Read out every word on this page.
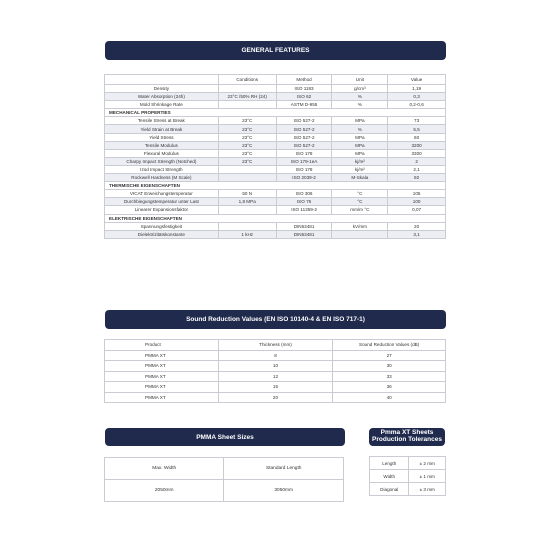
GENERAL FEATURES
	Conditions	Method	Unit	Value
Density		ISO 1183	g/cm³	1,19
Water Absorption (24h)	23°C /50% RH (24)	ISO 62	%	0,3
Mold Shrinkage Rate		ASTM D-955	%	0,2-0,6
MECHANICAL PROPERTIES				
Tensile Stress at Break	23°C	ISO 527-2	MPa	73
Yield Strain at Break	23°C	ISO 527-2	%	5,5
Yield Stress	23°C	ISO 527-2	MPa	60
Tensile Modulus	23°C	ISO 527-2	MPa	3200
Flexural Modulus	23°C	ISO 178	MPa	3300
Charpy Impact Strength (Notched)	23°C	ISO 179-1eA	kj/m²	2
Izod Impact Strength		ISO 178	kj/m²	2,1
Rockwell Hardness (M Scale)		ISO 2039-2	M-Skala	92
THERMISCHE EIGENSCHAFTEN				
VICAT Erweichungstemperatur	50 N	ISO 306	°C	105
Durchbiegungstemperatur unter Last	1,8 MPa	ISO 75	°C	100
Linearer Expansionsfaktor		ISO 11359-2	mm/m °C	0,07
ELEKTRISCHE EIGENSCHAFTEN				
Spannungsfestigkeit		DIN53481	kV/mm	20
Dielektrizitätskonstante	1 kHz	DIN53481		3,1
Sound Reduction Values (EN ISO 10140-4 & EN ISO 717-1)
Product	Thickness (mm)	Sound Reduction Values (dB)
PMMA XT	8	27
PMMA XT	10	30
PMMA XT	12	33
PMMA XT	15	36
PMMA XT	20	40
PMMA Sheet Sizes
Max. Width	Standard Length
2050mm	3050mm
Pmma XT Sheets
Production Tolerances
Length	± 2 mm
Width	± 1 mm
Diagonal	± 3 mm
